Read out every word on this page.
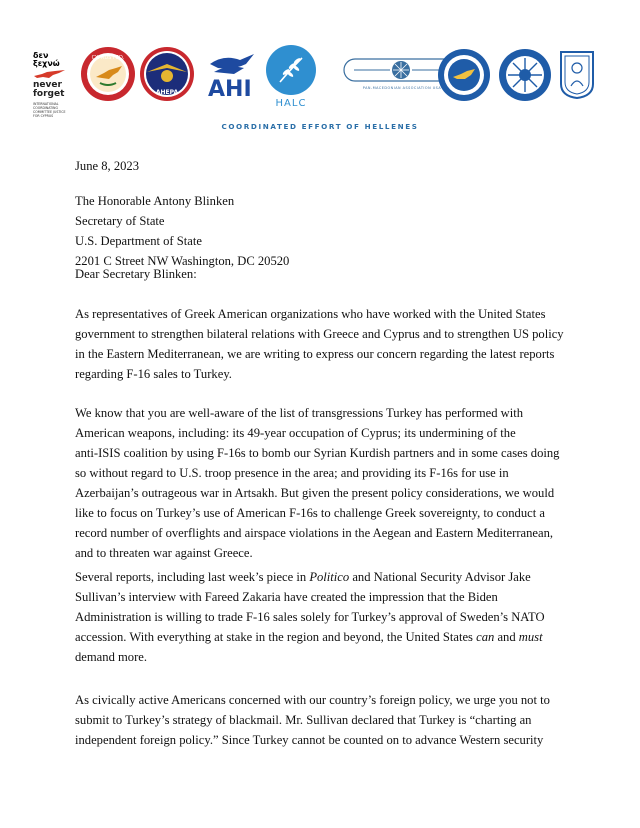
δεν ξεχνώ
never forget
INTERNATIONAL COORDINATING COMMITTEE JUSTICE FOR CYPRUS
CYPRUS FED.
AHEPA AHI
HALC
PAN-MACEDONIAN ASSOCIATION USA
COORDINATED EFFORT OF HELLENES
June 8, 2023
The Honorable Antony Blinken
Secretary of State
U.S. Department of State
2201 C Street NW Washington, DC 20520
Dear Secretary Blinken:
As representatives of Greek American organizations who have worked with the United States
government to strengthen bilateral relations with Greece and Cyprus and to strengthen US policy
in the Eastern Mediterranean, we are writing to express our concern regarding the latest reports
regarding F-16 sales to Turkey.
We know that you are well-aware of the list of transgressions Turkey has performed with
American weapons, including: its 49-year occupation of Cyprus; its undermining of the
anti-ISIS coalition by using F-16s to bomb our Syrian Kurdish partners and in some cases doing
so without regard to U.S. troop presence in the area; and providing its F-16s for use in
Azerbaijan’s outrageous war in Artsakh. But given the present policy considerations, we would
like to focus on Turkey’s use of American F-16s to challenge Greek sovereignty, to conduct a
record number of overflights and airspace violations in the Aegean and Eastern Mediterranean,
and to threaten war against Greece.
Several reports, including last week’s piece in Politico and National Security Advisor Jake
Sullivan’s interview with Fareed Zakaria have created the impression that the Biden
Administration is willing to trade F-16 sales solely for Turkey’s approval of Sweden’s NATO
accession. With everything at stake in the region and beyond, the United States can and must
demand more.
As civically active Americans concerned with our country’s foreign policy, we urge you not to
submit to Turkey’s strategy of blackmail. Mr. Sullivan declared that Turkey is “charting an
independent foreign policy.” Since Turkey cannot be counted on to advance Western security
